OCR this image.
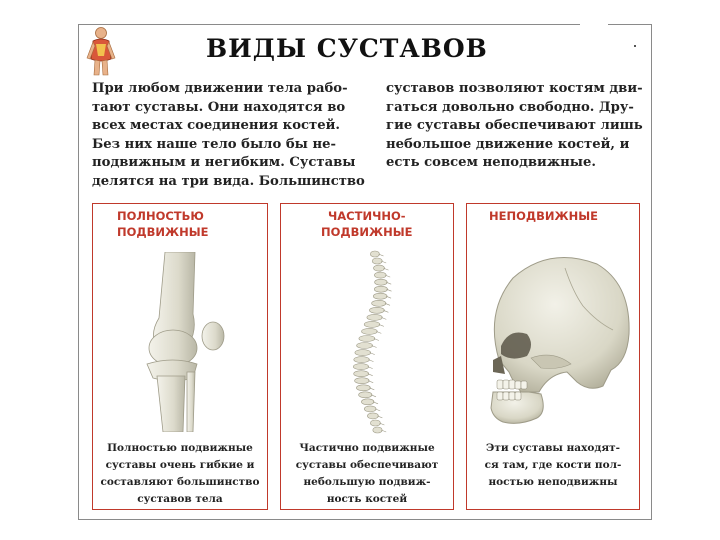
ВИДЫ СУСТАВОВ
При любом движении тела рабо-
тают суставы. Они находятся во
всех местах соединения костей.
Без них наше тело было бы не-
подвижным и негибким. Суставы
делятся на три вида. Большинство
суставов позволяют костям дви-
гаться довольно свободно. Дру-
гие суставы обеспечивают лишь
небольшое движение костей, и
есть совсем неподвижные.
ПОЛНОСТЬЮ
ПОДВИЖНЫЕ
Полностью подвижные
суставы очень гибкие и
составляют большинство
суставов тела
ЧАСТИЧНО-
ПОДВИЖНЫЕ
Частично подвижные
суставы обеспечивают
небольшую подвиж-
ность костей
НЕПОДВИЖНЫЕ
Эти суставы находят-
ся там, где кости пол-
ностью неподвижны
